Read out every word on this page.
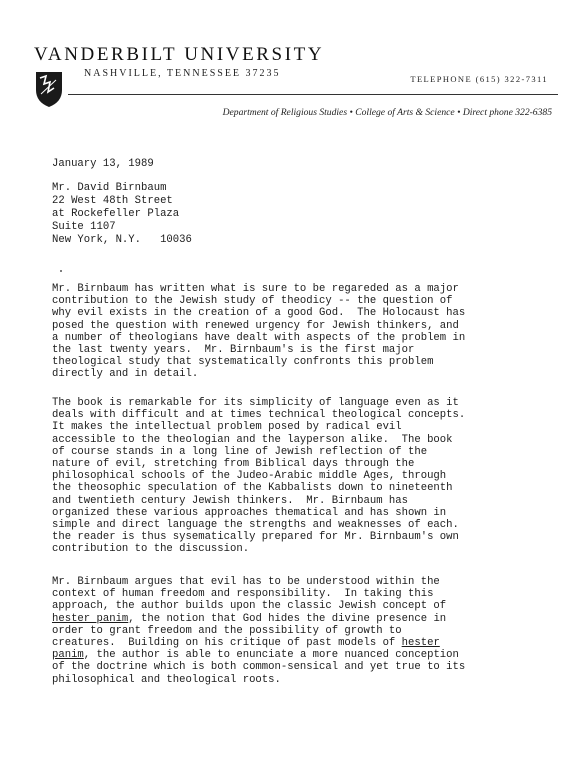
VANDERBILT UNIVERSITY
NASHVILLE, TENNESSEE 37235	TELEPHONE (615) 322-7311
Department of Religious Studies • College of Arts & Science • Direct phone 322-6385
January 13, 1989
Mr. David Birnbaum
22 West 48th Street
at Rockefeller Plaza
Suite 1107
New York, N.Y.   10036
Mr. Birnbaum has written what is sure to be regareded as a major
contribution to the Jewish study of theodicy -- the question of
why evil exists in the creation of a good God.  The Holocaust has
posed the question with renewed urgency for Jewish thinkers, and
a number of theologians have dealt with aspects of the problem in
the last twenty years.  Mr. Birnbaum's is the first major
theological study that systematically confronts this problem
directly and in detail.
The book is remarkable for its simplicity of language even as it
deals with difficult and at times technical theological concepts.
It makes the intellectual problem posed by radical evil
accessible to the theologian and the layperson alike.  The book
of course stands in a long line of Jewish reflection of the
nature of evil, stretching from Biblical days through the
philosophical schools of the Judeo-Arabic middle Ages, through
the theosophic speculation of the Kabbalists down to nineteenth
and twentieth century Jewish thinkers.  Mr. Birnbaum has
organized these various approaches thematical and has shown in
simple and direct language the strengths and weaknesses of each.
the reader is thus sysematically prepared for Mr. Birnbaum's own
contribution to the discussion.
Mr. Birnbaum argues that evil has to be understood within the
context of human freedom and responsibility.  In taking this
approach, the author builds upon the classic Jewish concept of
hester panim, the notion that God hides the divine presence in
order to grant freedom and the possibility of growth to
creatures.  Building on his critique of past models of hester
panim, the author is able to enunciate a more nuanced conception
of the doctrine which is both common-sensical and yet true to its
philosophical and theological roots.
